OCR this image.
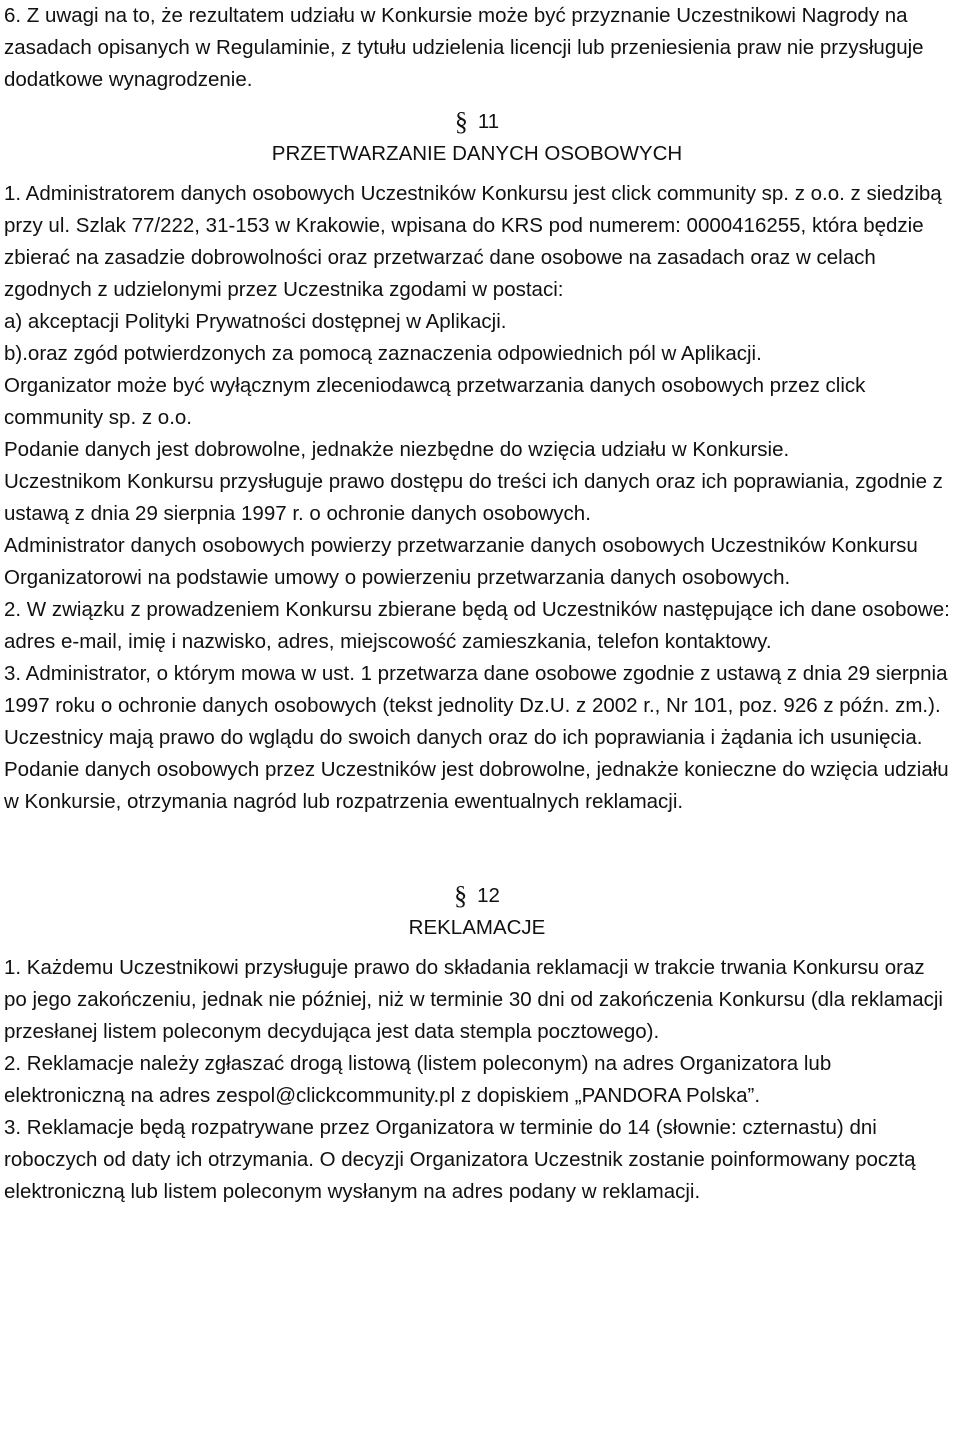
6. Z uwagi na to, że rezultatem udziału w Konkursie może być przyznanie Uczestnikowi Nagrody na zasadach opisanych w Regulaminie, z tytułu udzielenia licencji lub przeniesienia praw nie przysługuje dodatkowe wynagrodzenie.

§ 11
PRZETWARZANIE DANYCH OSOBOWYCH

1. Administratorem danych osobowych Uczestników Konkursu jest click community sp. z o.o. z siedzibą przy ul. Szlak 77/222, 31-153 w Krakowie, wpisana do KRS pod numerem: 0000416255, która będzie zbierać na zasadzie dobrowolności oraz przetwarzać dane osobowe na zasadach oraz w celach zgodnych z udzielonymi przez Uczestnika zgodami w postaci:

a) akceptacji Polityki Prywatności dostępnej w Aplikacji.

b).oraz zgód potwierdzonych za pomocą zaznaczenia odpowiednich pól w Aplikacji.

Organizator może być wyłącznym zleceniodawcą przetwarzania danych osobowych przez click community sp. z o.o.

Podanie danych jest dobrowolne, jednakże niezbędne do wzięcia udziału w Konkursie.

Uczestnikom Konkursu przysługuje prawo dostępu do treści ich danych oraz ich poprawiania, zgodnie z ustawą z dnia 29 sierpnia 1997 r. o ochronie danych osobowych.

Administrator danych osobowych powierzy przetwarzanie danych osobowych Uczestników Konkursu Organizatorowi na podstawie umowy o powierzeniu przetwarzania danych osobowych.

2. W związku z prowadzeniem Konkursu zbierane będą od Uczestników następujące ich dane osobowe: adres e-mail, imię i nazwisko, adres, miejscowość zamieszkania, telefon kontaktowy.

3. Administrator, o którym mowa w ust. 1 przetwarza dane osobowe zgodnie z ustawą z dnia 29 sierpnia 1997 roku o ochronie danych osobowych (tekst jednolity Dz.U. z 2002 r., Nr 101, poz. 926 z późn. zm.). Uczestnicy mają prawo do wglądu do swoich danych oraz do ich poprawiania i żądania ich usunięcia. Podanie danych osobowych przez Uczestników jest dobrowolne, jednakże konieczne do wzięcia udziału w Konkursie, otrzymania nagród lub rozpatrzenia ewentualnych reklamacji.

§ 12
REKLAMACJE

1. Każdemu Uczestnikowi przysługuje prawo do składania reklamacji w trakcie trwania Konkursu oraz po jego zakończeniu, jednak nie później, niż w terminie 30 dni od zakończenia Konkursu (dla reklamacji przesłanej listem poleconym decydująca jest data stempla pocztowego).

2. Reklamacje należy zgłaszać drogą listową (listem poleconym) na adres Organizatora lub elektroniczną na adres zespol@clickcommunity.pl z dopiskiem „PANDORA Polska”.

3. Reklamacje będą rozpatrywane przez Organizatora w terminie do 14 (słownie: czternastu) dni roboczych od daty ich otrzymania. O decyzji Organizatora Uczestnik zostanie poinformowany pocztą elektroniczną lub listem poleconym wysłanym na adres podany w reklamacji.
